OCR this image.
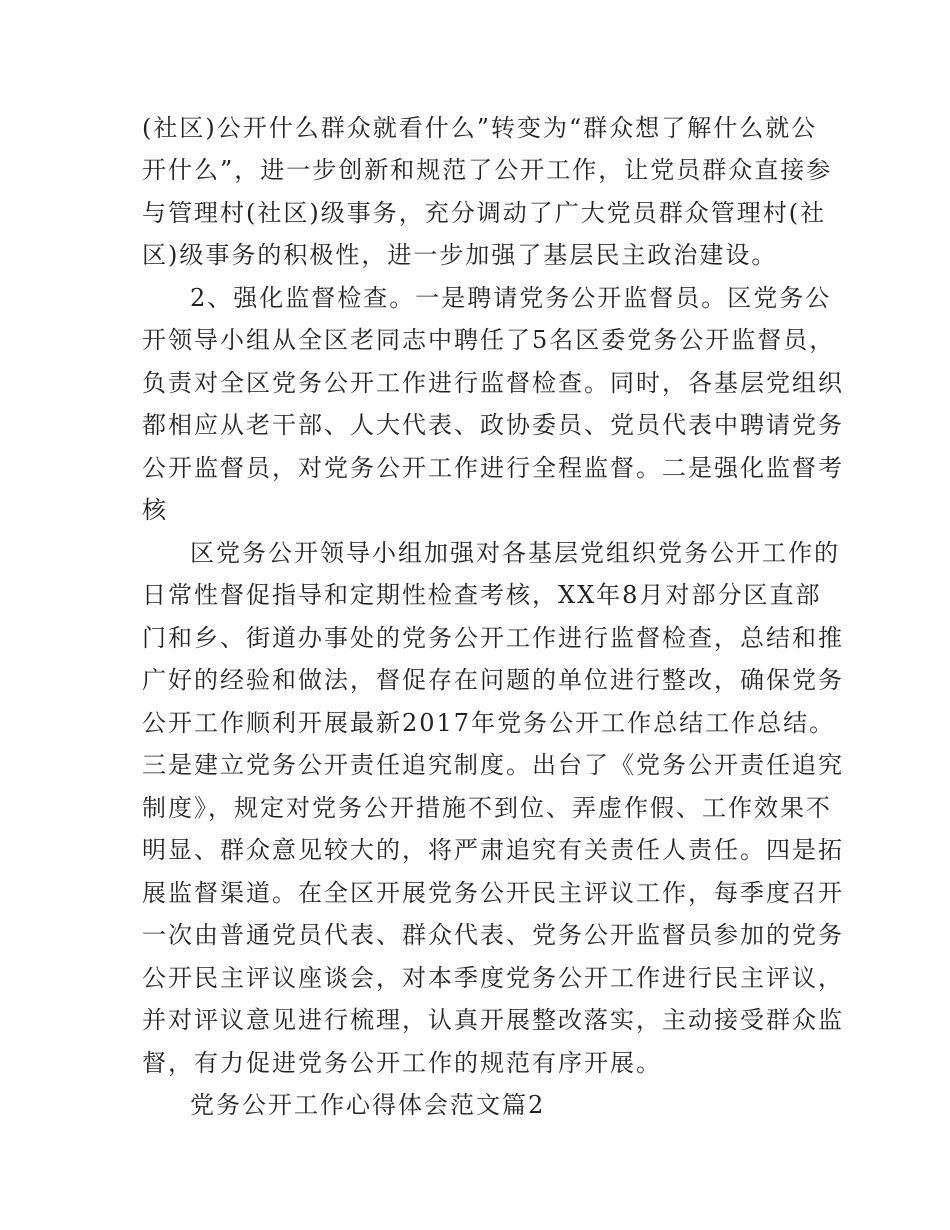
(社区)公开什么群众就看什么”转变为“群众想了解什么就公
开什么”，进一步创新和规范了公开工作，让党员群众直接参
与管理村(社区)级事务，充分调动了广大党员群众管理村(社
区)级事务的积极性，进一步加强了基层民主政治建设。
2、强化监督检查。一是聘请党务公开监督员。区党务公
开领导小组从全区老同志中聘任了5名区委党务公开监督员，
负责对全区党务公开工作进行监督检查。同时，各基层党组织
都相应从老干部、人大代表、政协委员、党员代表中聘请党务
公开监督员，对党务公开工作进行全程监督。二是强化监督考
核
区党务公开领导小组加强对各基层党组织党务公开工作的
日常性督促指导和定期性检查考核，XX年8月对部分区直部
门和乡、街道办事处的党务公开工作进行监督检查，总结和推
广好的经验和做法，督促存在问题的单位进行整改，确保党务
公开工作顺利开展最新2017年党务公开工作总结工作总结。
三是建立党务公开责任追究制度。出台了《党务公开责任追究
制度》，规定对党务公开措施不到位、弄虚作假、工作效果不
明显、群众意见较大的，将严肃追究有关责任人责任。四是拓
展监督渠道。在全区开展党务公开民主评议工作，每季度召开
一次由普通党员代表、群众代表、党务公开监督员参加的党务
公开民主评议座谈会，对本季度党务公开工作进行民主评议，
并对评议意见进行梳理，认真开展整改落实，主动接受群众监
督，有力促进党务公开工作的规范有序开展。
党务公开工作心得体会范文篇2
